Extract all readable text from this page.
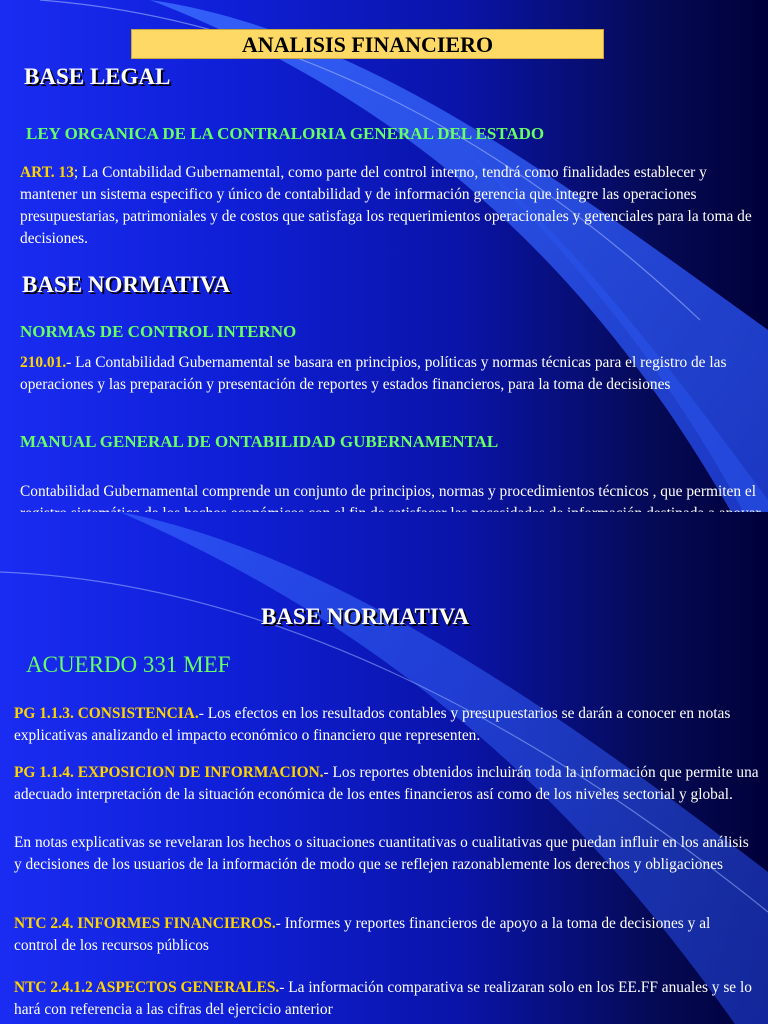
ANALISIS FINANCIERO
BASE LEGAL
LEY ORGANICA DE LA CONTRALORIA GENERAL DEL ESTADO

ART. 13; La Contabilidad Gubernamental, como parte del control interno, tendrá como finalidades establecer y mantener un sistema especifico y único de contabilidad y de información gerencia que integre las operaciones presupuestarias, patrimoniales y de costos que satisfaga los requerimientos operacionales y gerenciales para la toma de decisiones.

BASE NORMATIVA
NORMAS DE CONTROL INTERNO

210.01.- La Contabilidad Gubernamental se basara en principios, políticas y normas técnicas para el registro de las operaciones y las preparación y presentación de reportes y estados financieros, para la toma de decisiones

MANUAL GENERAL DE ONTABILIDAD GUBERNAMENTAL

Contabilidad Gubernamental comprende un conjunto de principios, normas y procedimientos técnicos , que permiten el

BASE NORMATIVA
ACUERDO 331 MEF

PG 1.1.3. CONSISTENCIA.- Los efectos en los resultados contables y presupuestarios se darán a conocer en notas explicativas analizando el impacto económico o financiero que representen.

PG 1.1.4. EXPOSICION DE INFORMACION.- Los reportes obtenidos incluirán toda la información que permite una adecuado interpretación de la situación económica de los entes financieros así como de los niveles sectorial y global.

En notas explicativas se revelaran los hechos o situaciones cuantitativas o cualitativas que puedan influir en los análisis y decisiones de los usuarios de la información de modo que se reflejen razonablemente los derechos y obligaciones

NTC 2.4. INFORMES FINANCIEROS.- Informes y reportes financieros de apoyo a la toma de decisiones y al control de los recursos públicos

NTC 2.4.1.2 ASPECTOS GENERALES.- La información comparativa se realizaran solo en los EE.FF anuales y se lo hará con referencia a las cifras del ejercicio anterior
